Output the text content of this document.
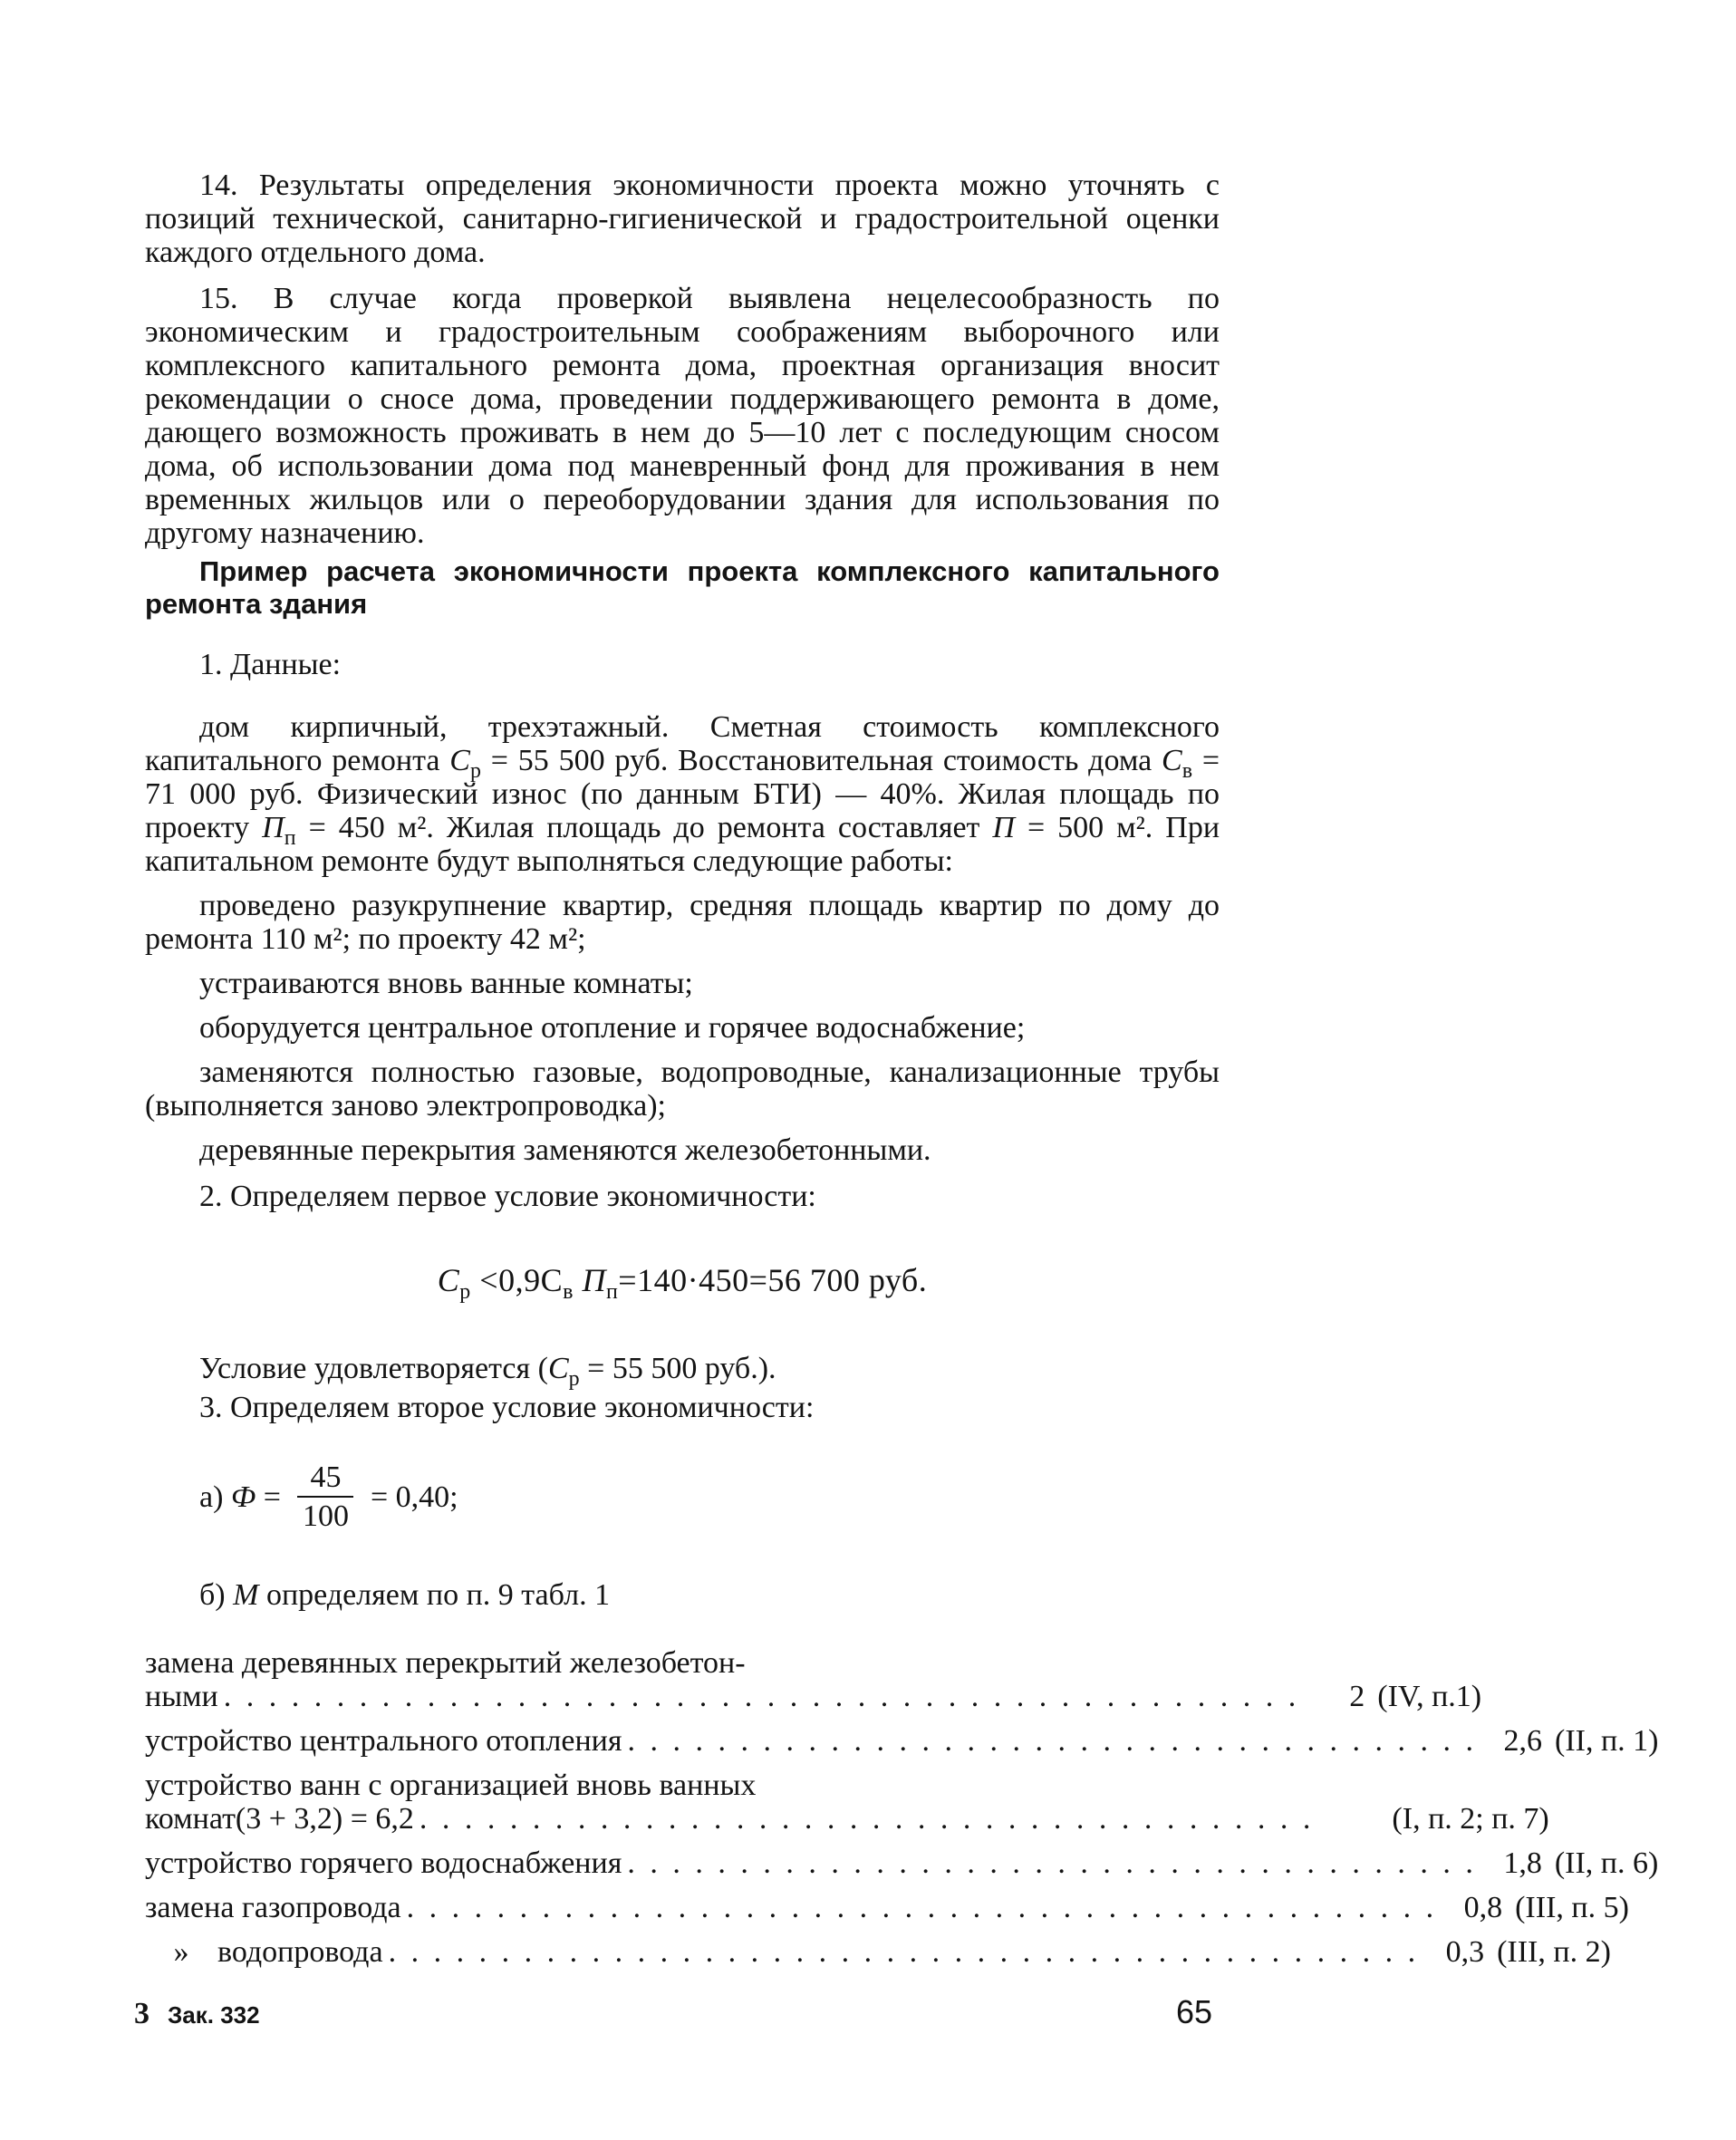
14. Результаты определения экономичности проекта можно уточнять с позиций технической, санитарно-гигиенической и градостроительной оценки каждого отдельного дома.

15. В случае когда проверкой выявлена нецелесообразность по экономическим и градостроительным соображениям выборочного или комплексного капитального ремонта дома, проектная организация вносит рекомендации о сносе дома, проведении поддерживающего ремонта в доме, дающего возможность проживать в нем до 5—10 лет с последующим сносом дома, об использовании дома под маневренный фонд для проживания в нем временных жильцов или о переоборудовании здания для использования по другому назначению.

Пример расчета экономичности проекта комплексного капитального ремонта здания

1. Данные:

дом кирпичный, трехэтажный. Сметная стоимость комплексного капитального ремонта $C_р = 55$ 500 руб. Восстановительная стоимость дома $C_в = 71$ 000 руб. Физический износ (по данным БТИ) — 40%. Жилая площадь по проекту $П_п = 450$ м². Жилая площадь до ремонта составляет П = 500 м². При капитальном ремонте будут выполняться следующие работы:

проведено разукрупнение квартир, средняя площадь квартир по дому до ремонта 110 м²; по проекту 42 м²;

устраиваются вновь ванные комнаты;

оборудуется центральное отопление и горячее водоснабжение;

заменяются полностью газовые, водопроводные, канализационные трубы (выполняется заново электропроводка);

деревянные перекрытия заменяются железобетонными.

2. Определяем первое условие экономичности:

$C_р <0,9C_в$ $П_п=140\cdot 450=56$ 700 руб.

Условие удовлетворяется ($C_р = 55$ 500 руб.).

3. Определяем второе условие экономичности:

а)
Ф
= $\frac{45}{100} = 0,40$;

б) М определяем по п. 9 табл. 1

замена деревянных перекрытий железобетон-
ными . . . . . . . . . . . . . . . . . . . . . . . . . . . . . . . . . . . . . . . . . . . . . . . .	2 (IV, п.1)
устройство центрального отопления . . . . . . . . . . . . . . . . . . . . . . . . . . . . . . . . . . . . . . 2,6 (II, п. 1)
устройство ванн с организацией вновь ванных
комнат(3 + 3,2) = 6,2 . . . . . . . . . . . . . . . . . . . . . . . . . . . . . . . . . . . . . . . .	(I, п. 2; п. 7)
устройство горячего водоснабжения . . . . . . . . . . . . . . . . . . . . . . . . . . . . . . . . . . . . . . 1,8 (II, п. 6)
замена газопровода . . . . . . . . . . . . . . . . . . . . . . . . . . . . . . . . . . . . . . . . . . . . . . 0,8 (III, п. 5)
» водопровода . . . . . . . . . . . . . . . . . . . . . . . . . . . . . . . . . . . . . . . . . . . . . . 0,3 (III, п. 2)
3 Зак. 332	65
